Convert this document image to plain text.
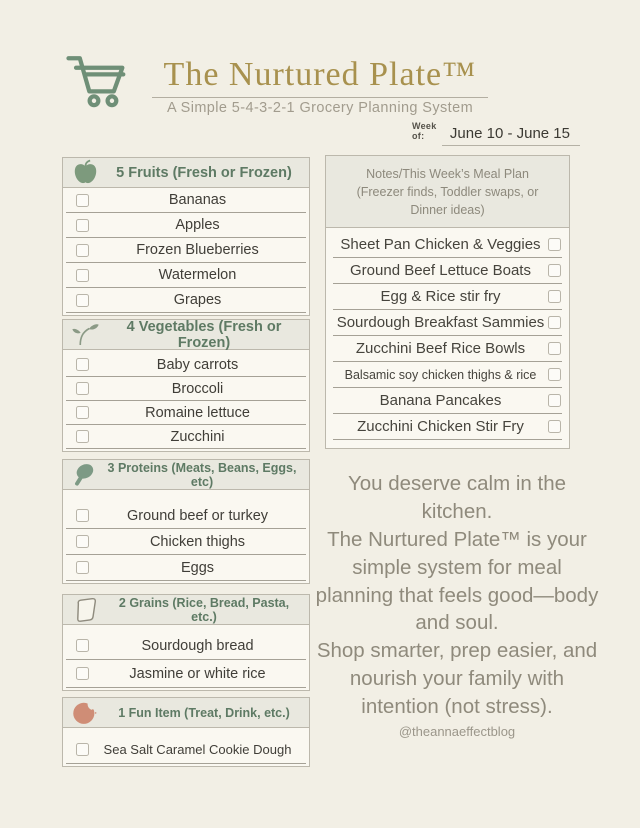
The Nurtured Plate™
A Simple 5-4-3-2-1 Grocery Planning System
Week of:	June 10 - June 15
5 Fruits (Fresh or Frozen)
Bananas
Apples
Frozen Blueberries
Watermelon
Grapes
4 Vegetables (Fresh or Frozen)
Baby carrots
Broccoli
Romaine lettuce
Zucchini
3 Proteins (Meats, Beans, Eggs, etc)
Ground beef or turkey
Chicken thighs
Eggs
2 Grains (Rice, Bread, Pasta, etc.)
Sourdough bread
Jasmine or white rice
1 Fun Item (Treat, Drink, etc.)
Sea Salt Caramel Cookie Dough
Notes/This Week’s Meal Plan
(Freezer finds, Toddler swaps, or
Dinner ideas)
Sheet Pan Chicken & Veggies
Ground Beef Lettuce Boats
Egg & Rice stir fry
Sourdough Breakfast Sammies
Zucchini Beef Rice Bowls
Balsamic soy chicken thighs & rice
Banana Pancakes
Zucchini Chicken Stir Fry

You deserve calm in the kitchen.

The Nurtured Plate™ is your simple system for meal planning that feels good—body and soul.

Shop smarter, prep easier, and nourish your family with intention (not stress).

@theannaeffectblog
